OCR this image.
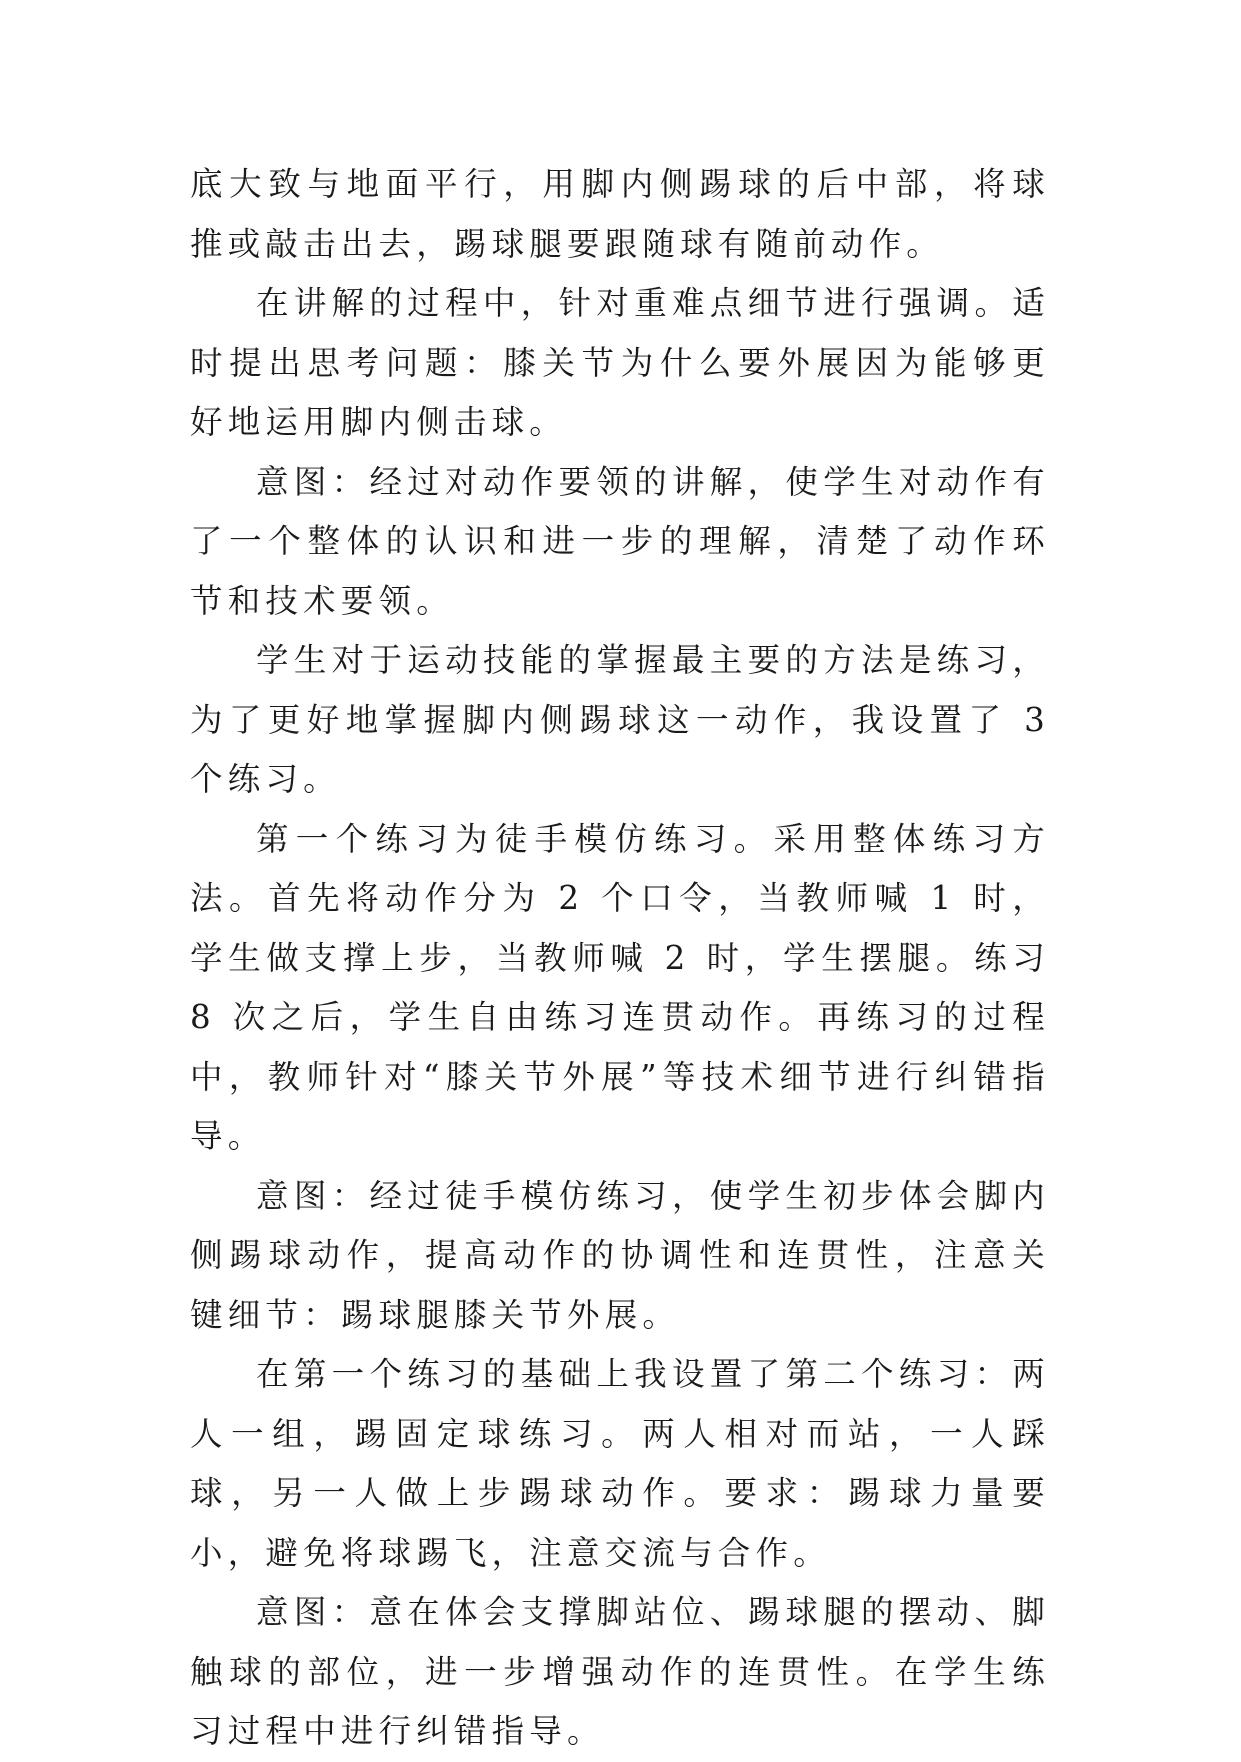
底大致与地面平行，用脚内侧踢球的后中部，将球推或敲击出去，踢球腿要跟随球有随前动作。

在讲解的过程中，针对重难点细节进行强调。适时提出思考问题：膝关节为什么要外展因为能够更好地运用脚内侧击球。

意图：经过对动作要领的讲解，使学生对动作有了一个整体的认识和进一步的理解，清楚了动作环节和技术要领。

学生对于运动技能的掌握最主要的方法是练习，为了更好地掌握脚内侧踢球这一动作，我设置了 3 个练习。

第一个练习为徒手模仿练习。采用整体练习方法。首先将动作分为 2 个口令，当教师喊 1 时，学生做支撑上步，当教师喊 2 时，学生摆腿。练习 8 次之后，学生自由练习连贯动作。再练习的过程中，教师针对“膝关节外展”等技术细节进行纠错指导。

意图：经过徒手模仿练习，使学生初步体会脚内侧踢球动作，提高动作的协调性和连贯性，注意关键细节：踢球腿膝关节外展。

在第一个练习的基础上我设置了第二个练习：两人一组，踢固定球练习。两人相对而站，一人踩球，另一人做上步踢球动作。要求：踢球力量要小，避免将球踢飞，注意交流与合作。

意图：意在体会支撑脚站位、踢球腿的摆动、脚触球的部位，进一步增强动作的连贯性。在学生练习过程中进行纠错指导。
